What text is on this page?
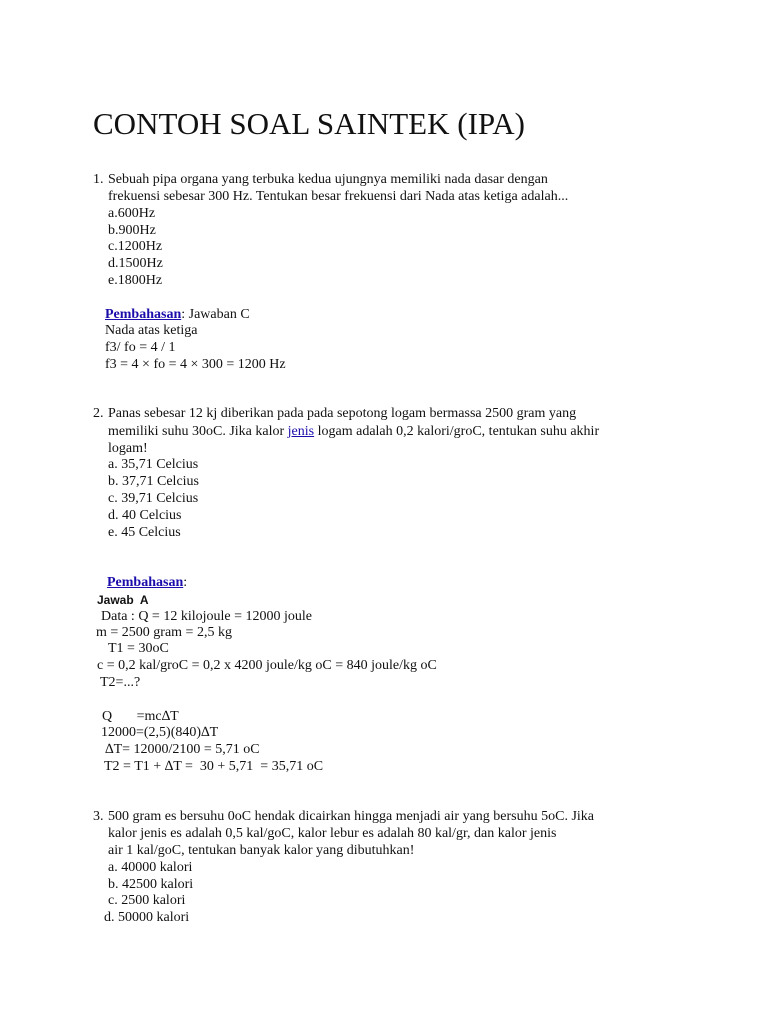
CONTOH SOAL SAINTEK (IPA)
1. Sebuah pipa organa yang terbuka kedua ujungnya memiliki nada dasar dengan
frekuensi sebesar 300 Hz. Tentukan besar frekuensi dari Nada atas ketiga adalah...
a.600Hz
b.900Hz
c.1200Hz
d.1500Hz
e.1800Hz
Pembahasan: Jawaban C
Nada atas ketiga
f3/ fo = 4 / 1
f3 = 4 × fo = 4 × 300 = 1200 Hz
2. Panas sebesar 12 kj diberikan pada pada sepotong logam bermassa 2500 gram yang
memiliki suhu 30oC. Jika kalor jenis logam adalah 0,2 kalori/groC, tentukan suhu akhir
logam!
a. 35,71 Celcius
b. 37,71 Celcius
c. 39,71 Celcius
d. 40 Celcius
e. 45 Celcius
Pembahasan:
Jawab  A
Data : Q = 12 kilojoule = 12000 joule
m = 2500 gram = 2,5 kg
T1 = 30oC
c = 0,2 kal/groC = 0,2 x 4200 joule/kg oC = 840 joule/kg oC
T2=...?
Q       =mc∆T
12000=(2,5)(840)∆T
∆T= 12000/2100 = 5,71 oC
T2 = T1 + ∆T =  30 + 5,71  = 35,71 oC
3. 500 gram es bersuhu 0oC hendak dicairkan hingga menjadi air yang bersuhu 5oC. Jika
kalor jenis es adalah 0,5 kal/goC, kalor lebur es adalah 80 kal/gr, dan kalor jenis
air 1 kal/goC, tentukan banyak kalor yang dibutuhkan!
a. 40000 kalori
b. 42500 kalori
c. 2500 kalori
d. 50000 kalori
